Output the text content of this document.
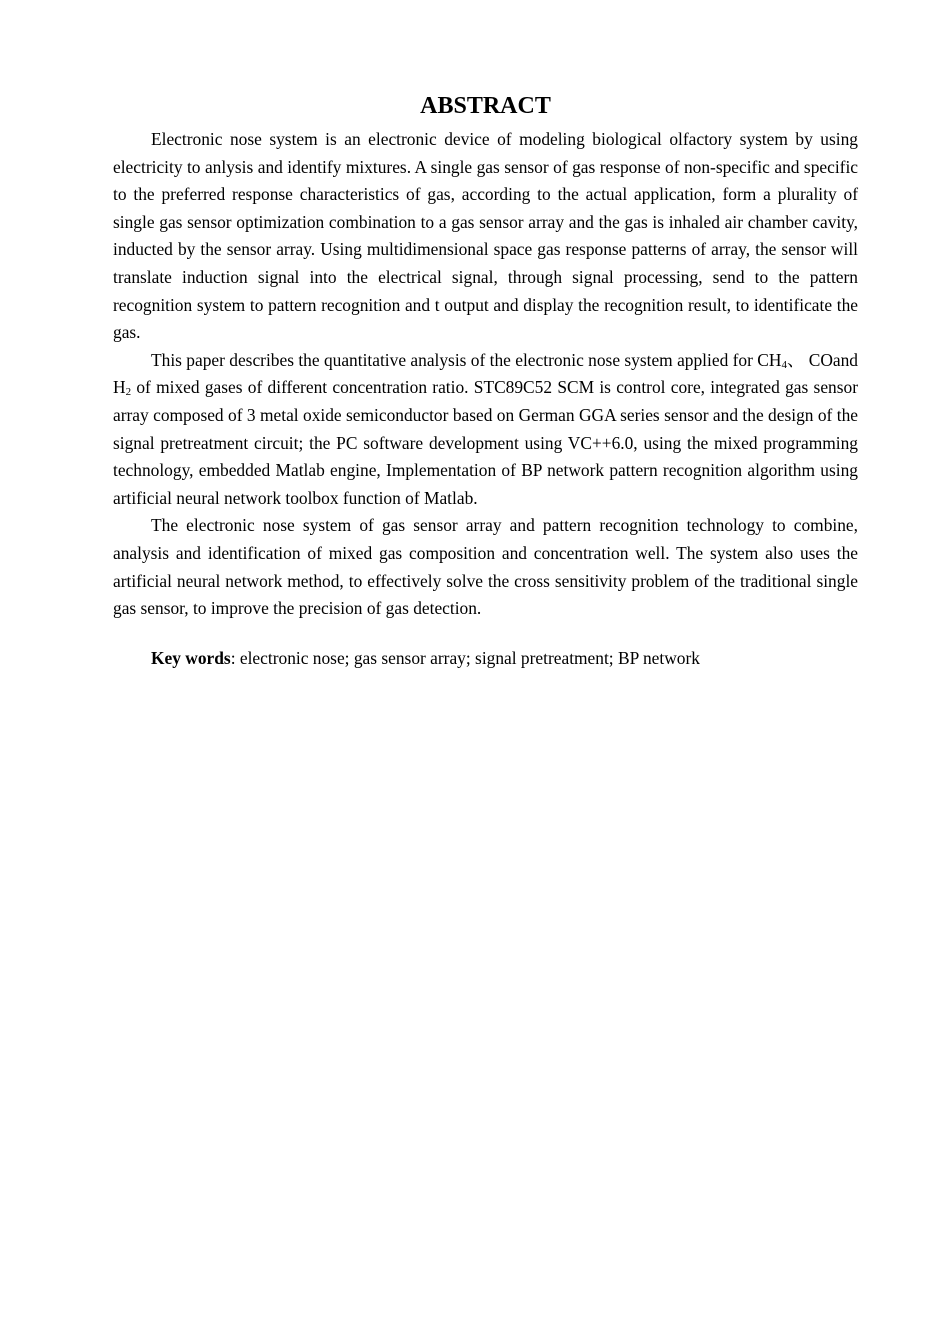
ABSTRACT

Electronic nose system is an electronic device of modeling biological olfactory system by using electricity to anlysis and identify mixtures. A single gas sensor of gas response of non-specific and specific to the preferred response characteristics of gas, according to the actual application, form a plurality of single gas sensor optimization combination to a gas sensor array and the gas is inhaled air chamber cavity, inducted by the sensor array. Using multidimensional space gas response patterns of array, the sensor will translate induction signal into the electrical signal, through signal processing, send to the pattern recognition system to pattern recognition and t output and display the recognition result, to identificate the gas.

This paper describes the quantitative analysis of the electronic nose system applied for $CH_4$、 COand $H_2$ of mixed gases of different concentration ratio. STC89C52 SCM is control core, integrated gas sensor array composed of 3 metal oxide semiconductor based on German GGA series sensor and the design of the signal pretreatment circuit; the PC software development using VC++6.0, using the mixed programming technology, embedded Matlab engine, Implementation of BP network pattern recognition algorithm using artificial neural network toolbox function of Matlab.

The electronic nose system of gas sensor array and pattern recognition technology to combine, analysis and identification of mixed gas composition and concentration well. The system also uses the artificial neural network method, to effectively solve the cross sensitivity problem of the traditional single gas sensor, to improve the precision of gas detection.

Key words: electronic nose; gas sensor array; signal pretreatment; BP network
